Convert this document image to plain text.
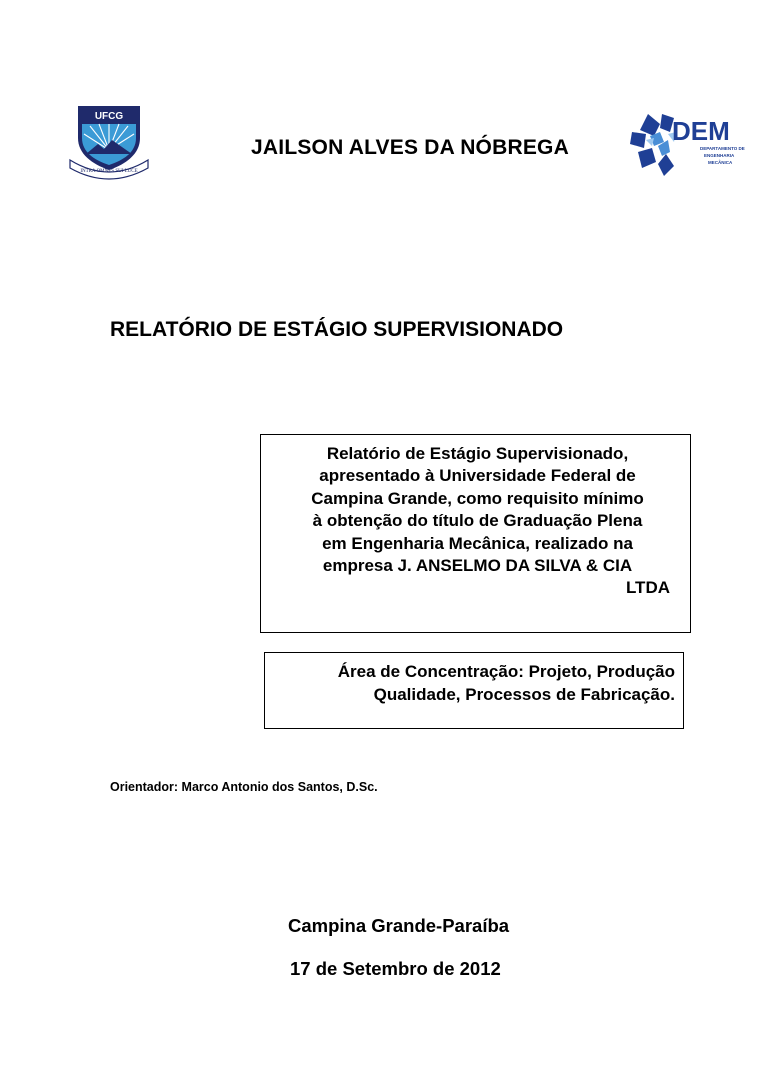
UFCG
INTRA OMNES SUI LUCE
JAILSON ALVES DA NÓBREGA
DEM
DEPARTAMENTO DE
ENGENHARIA
MECÂNICA
RELATÓRIO DE ESTÁGIO SUPERVISIONADO

Relatório de Estágio Supervisionado,
apresentado à Universidade Federal de
Campina Grande, como requisito mínimo
à obtenção do título de Graduação Plena
em Engenharia Mecânica, realizado na
empresa J. ANSELMO DA SILVA & CIA
LTDA

Área de Concentração: Projeto, Produção
Qualidade, Processos de Fabricação.

Orientador: Marco Antonio dos Santos, D.Sc.
Campina Grande-Paraíba
17 de Setembro de 2012
